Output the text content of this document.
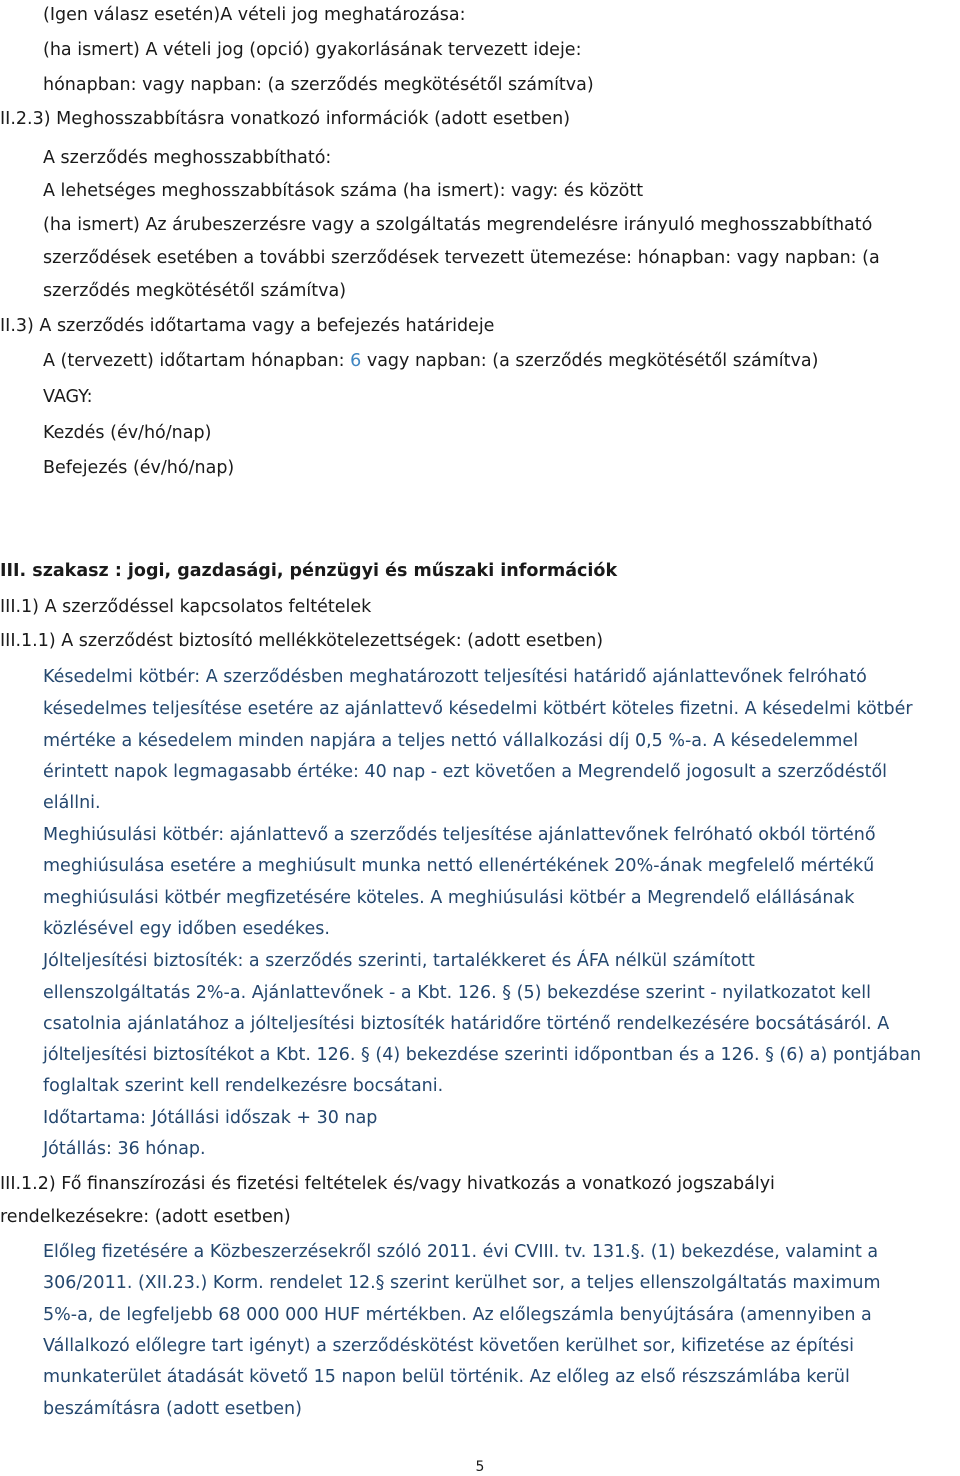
(Igen válasz esetén)A vételi jog meghatározása:
(ha ismert) A vételi jog (opció) gyakorlásának tervezett ideje:
hónapban: vagy napban: (a szerződés megkötésétől számítva)
II.2.3) Meghosszabbításra vonatkozó információk (adott esetben)
A szerződés meghosszabbítható:
A lehetséges meghosszabbítások száma (ha ismert): vagy: és között
(ha ismert) Az árubeszerzésre vagy a szolgáltatás megrendelésre irányuló meghosszabbítható
szerződések esetében a további szerződések tervezett ütemezése: hónapban: vagy napban: (a
szerződés megkötésétől számítva)
II.3) A szerződés időtartama vagy a befejezés határideje
A (tervezett) időtartam hónapban: 6 vagy napban: (a szerződés megkötésétől számítva)
VAGY:
Kezdés (év/hó/nap)
Befejezés (év/hó/nap)
III. szakasz : jogi, gazdasági, pénzügyi és műszaki információk
III.1) A szerződéssel kapcsolatos feltételek
III.1.1) A szerződést biztosító mellékkötelezettségek: (adott esetben)
Késedelmi kötbér: A szerződésben meghatározott teljesítési határidő ajánlattevőnek felróható
késedelmes teljesítése esetére az ajánlattevő késedelmi kötbért köteles fizetni. A késedelmi kötbér
mértéke a késedelem minden napjára a teljes nettó vállalkozási díj 0,5 %-a. A késedelemmel
érintett napok legmagasabb értéke: 40 nap - ezt követően a Megrendelő jogosult a szerződéstől
elállni.
Meghiúsulási kötbér: ajánlattevő a szerződés teljesítése ajánlattevőnek felróható okból történő
meghiúsulása esetére a meghiúsult munka nettó ellenértékének 20%-ának megfelelő mértékű
meghiúsulási kötbér megfizetésére köteles. A meghiúsulási kötbér a Megrendelő elállásának
közlésével egy időben esedékes.
Jólteljesítési biztosíték: a szerződés szerinti, tartalékkeret és ÁFA nélkül számított
ellenszolgáltatás 2%-a. Ajánlattevőnek - a Kbt. 126. § (5) bekezdése szerint - nyilatkozatot kell
csatolnia ajánlatához a jólteljesítési biztosíték határidőre történő rendelkezésére bocsátásáról. A
jólteljesítési biztosítékot a Kbt. 126. § (4) bekezdése szerinti időpontban és a 126. § (6) a) pontjában
foglaltak szerint kell rendelkezésre bocsátani.
Időtartama: Jótállási időszak + 30 nap
Jótállás: 36 hónap.
III.1.2) Fő finanszírozási és fizetési feltételek és/vagy hivatkozás a vonatkozó jogszabályi
rendelkezésekre: (adott esetben)
Előleg fizetésére a Közbeszerzésekről szóló 2011. évi CVIII. tv. 131.§. (1) bekezdése, valamint a
306/2011. (XII.23.) Korm. rendelet 12.§ szerint kerülhet sor, a teljes ellenszolgáltatás maximum
5%-a, de legfeljebb 68 000 000 HUF mértékben. Az előlegszámla benyújtására (amennyiben a
Vállalkozó előlegre tart igényt) a szerződéskötést követően kerülhet sor, kifizetése az építési
munkaterület átadását követő 15 napon belül történik. Az előleg az első részszámlába kerül
beszámításra (adott esetben)
5
